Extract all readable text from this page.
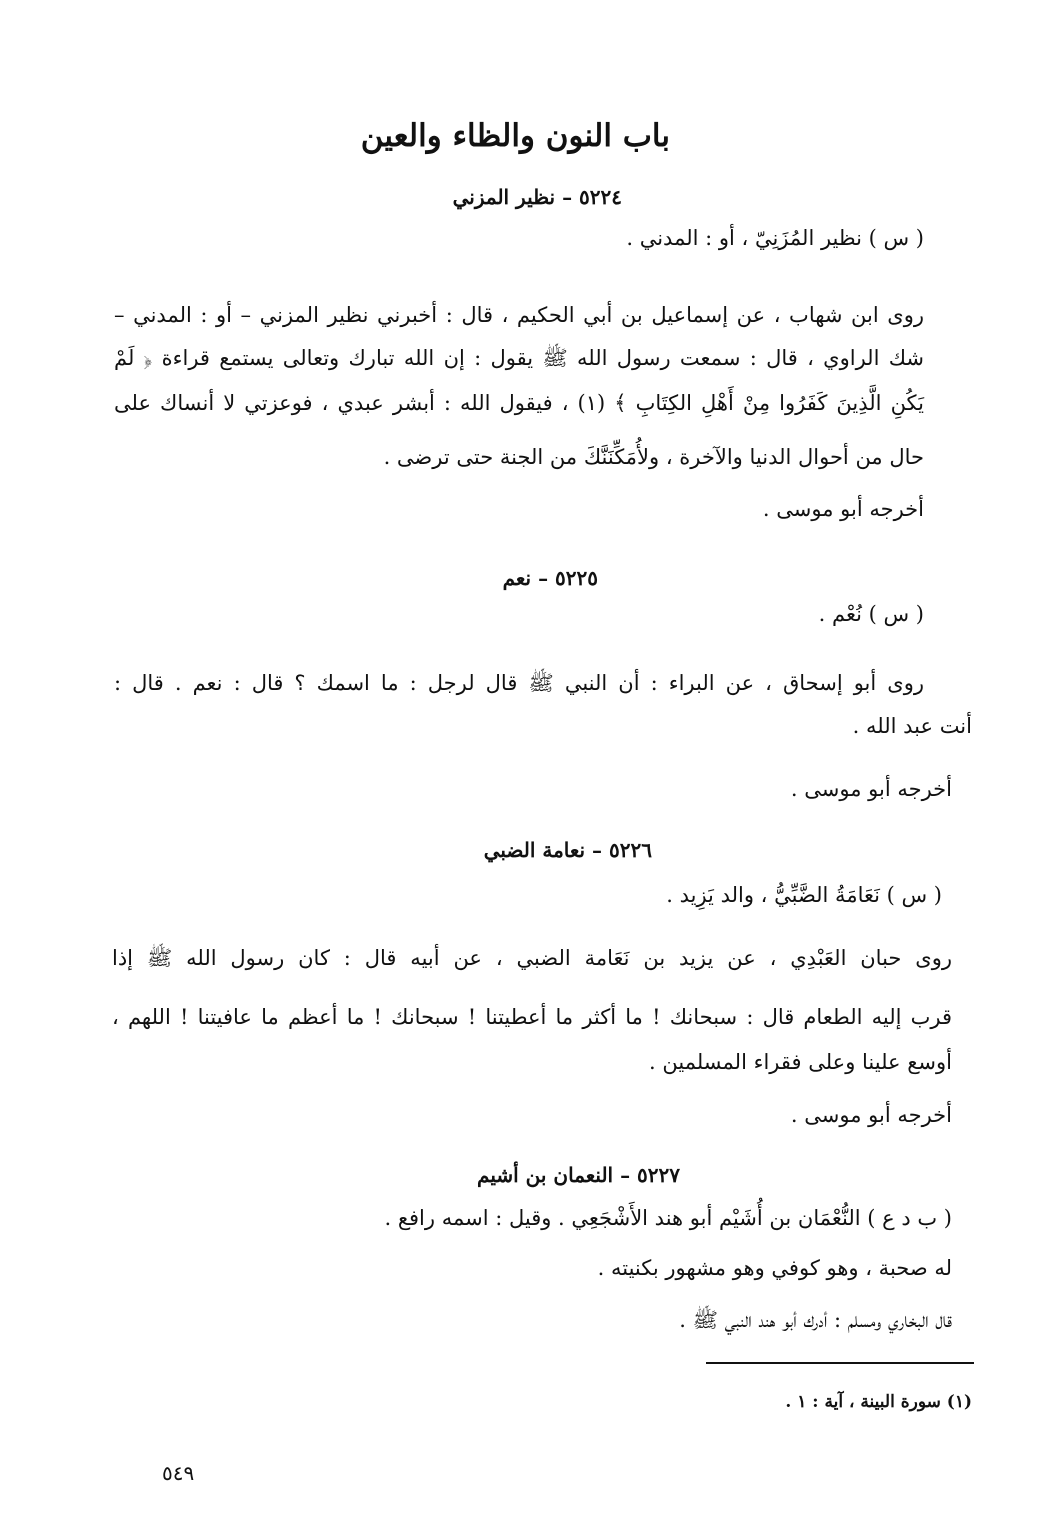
باب النون والظاء والعين
٥٢٢٤ – نظير المزني
( س ) نظير المُزَنِيّ ، أو : المدني .
روى ابن شهاب ، عن إسماعيل بن أبي الحكيم ، قال : أخبرني نظير المزني – أو : المدني –
شك الراوي ، قال : سمعت رسول الله ﷺ يقول : إن الله تبارك وتعالى يستمع قراءة ﴿ لَمْ
يَكُنِ الَّذِينَ كَفَرُوا مِنْ أَهْلِ الكِتَابِ ﴾ (١) ، فيقول الله : أبشر عبدي ، فوعزتي لا أنساك على
حال من أحوال الدنيا والآخرة ، ولأُمَكِّنَنَّكَ من الجنة حتى ترضى .
أخرجه أبو موسى .
٥٢٢٥ – نعم
( س ) نُعْم .
روى أبو إسحاق ، عن البراء : أن النبي ﷺ قال لرجل : ما اسمك ؟ قال : نعم . قال :
أنت عبد الله .
أخرجه أبو موسى .
٥٢٢٦ – نعامة الضبي
( س ) نَعَامَةُ الضَّبِّيُّ ، والد يَزِيد .
روى حبان العَبْدِي ، عن يزيد بن نَعَامة الضبي ، عن أبيه قال : كان رسول الله ﷺ إذا
قرب إليه الطعام قال : سبحانك ! ما أكثر ما أعطيتنا ! سبحانك ! ما أعظم ما عافيتنا ! اللهم ،
أوسع علينا وعلى فقراء المسلمين .
أخرجه أبو موسى .
٥٢٢٧ – النعمان بن أشيم
( ب د ع ) النُّعْمَان بن أُشَيْم أبو هند الأَشْجَعِي . وقيل : اسمه رافع .
له صحبة ، وهو كوفي وهو مشهور بكنيته .
قال البخاري ومسلم : أدرك أبو هند النبي ﷺ .
(١) سورة البينة ، آية : ١ .
٥٤٩
